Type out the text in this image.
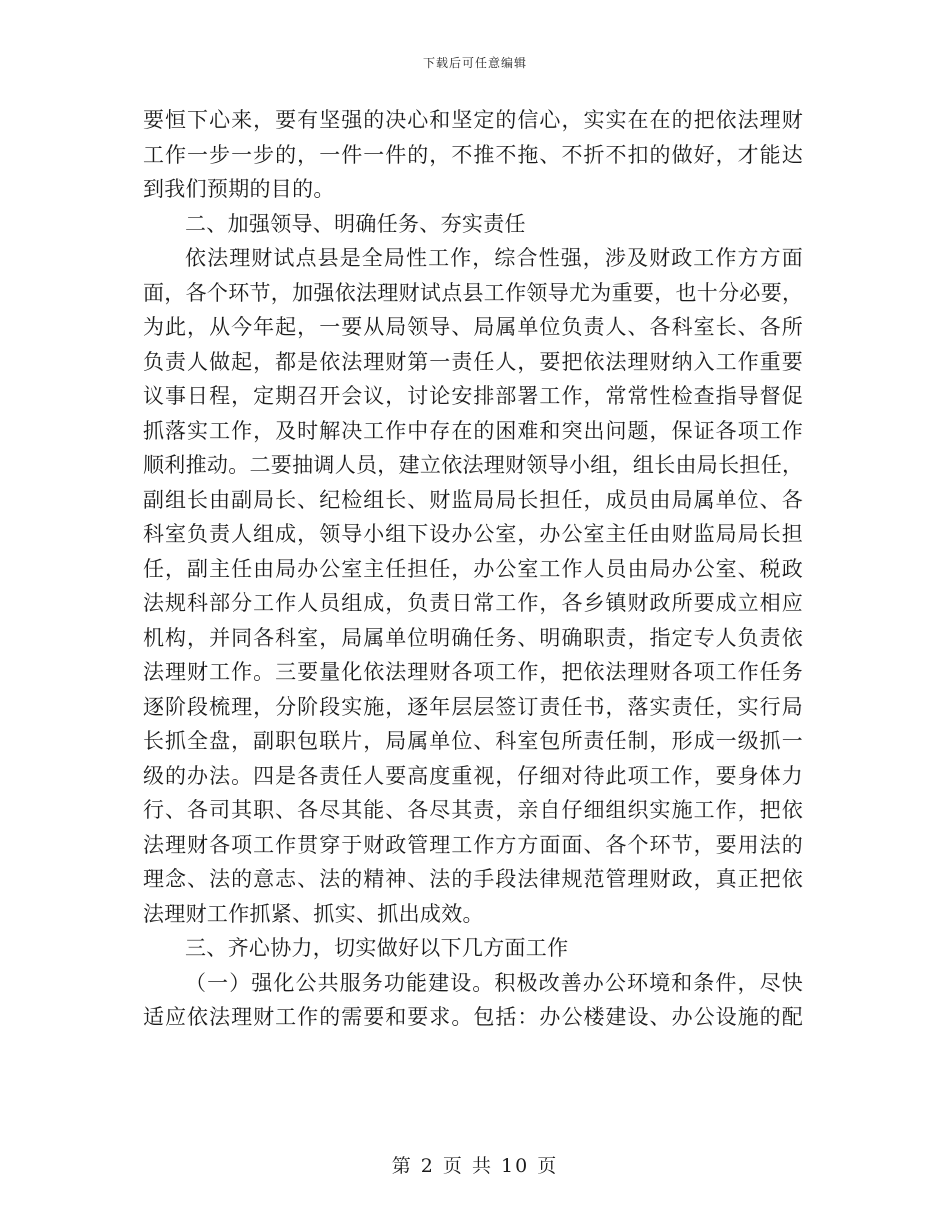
下载后可任意编辑
要恒下心来，要有坚强的决心和坚定的信心，实实在在的把依法理财
工作一步一步的，一件一件的，不推不拖、不折不扣的做好，才能达
到我们预期的目的。
二、加强领导、明确任务、夯实责任
依法理财试点县是全局性工作，综合性强，涉及财政工作方方面
面，各个环节，加强依法理财试点县工作领导尤为重要，也十分必要，
为此，从今年起，一要从局领导、局属单位负责人、各科室长、各所
负责人做起，都是依法理财第一责任人，要把依法理财纳入工作重要
议事日程，定期召开会议，讨论安排部署工作，常常性检查指导督促
抓落实工作，及时解决工作中存在的困难和突出问题，保证各项工作
顺利推动。二要抽调人员，建立依法理财领导小组，组长由局长担任，
副组长由副局长、纪检组长、财监局局长担任，成员由局属单位、各
科室负责人组成，领导小组下设办公室，办公室主任由财监局局长担
任，副主任由局办公室主任担任，办公室工作人员由局办公室、税政
法规科部分工作人员组成，负责日常工作，各乡镇财政所要成立相应
机构，并同各科室，局属单位明确任务、明确职责，指定专人负责依
法理财工作。三要量化依法理财各项工作，把依法理财各项工作任务
逐阶段梳理，分阶段实施，逐年层层签订责任书，落实责任，实行局
长抓全盘，副职包联片，局属单位、科室包所责任制，形成一级抓一
级的办法。四是各责任人要高度重视，仔细对待此项工作，要身体力
行、各司其职、各尽其能、各尽其责，亲自仔细组织实施工作，把依
法理财各项工作贯穿于财政管理工作方方面面、各个环节，要用法的
理念、法的意志、法的精神、法的手段法律规范管理财政，真正把依
法理财工作抓紧、抓实、抓出成效。
三、齐心协力，切实做好以下几方面工作
（一）强化公共服务功能建设。积极改善办公环境和条件，尽快
适应依法理财工作的需要和要求。包括：办公楼建设、办公设施的配
第 2 页 共 10 页
